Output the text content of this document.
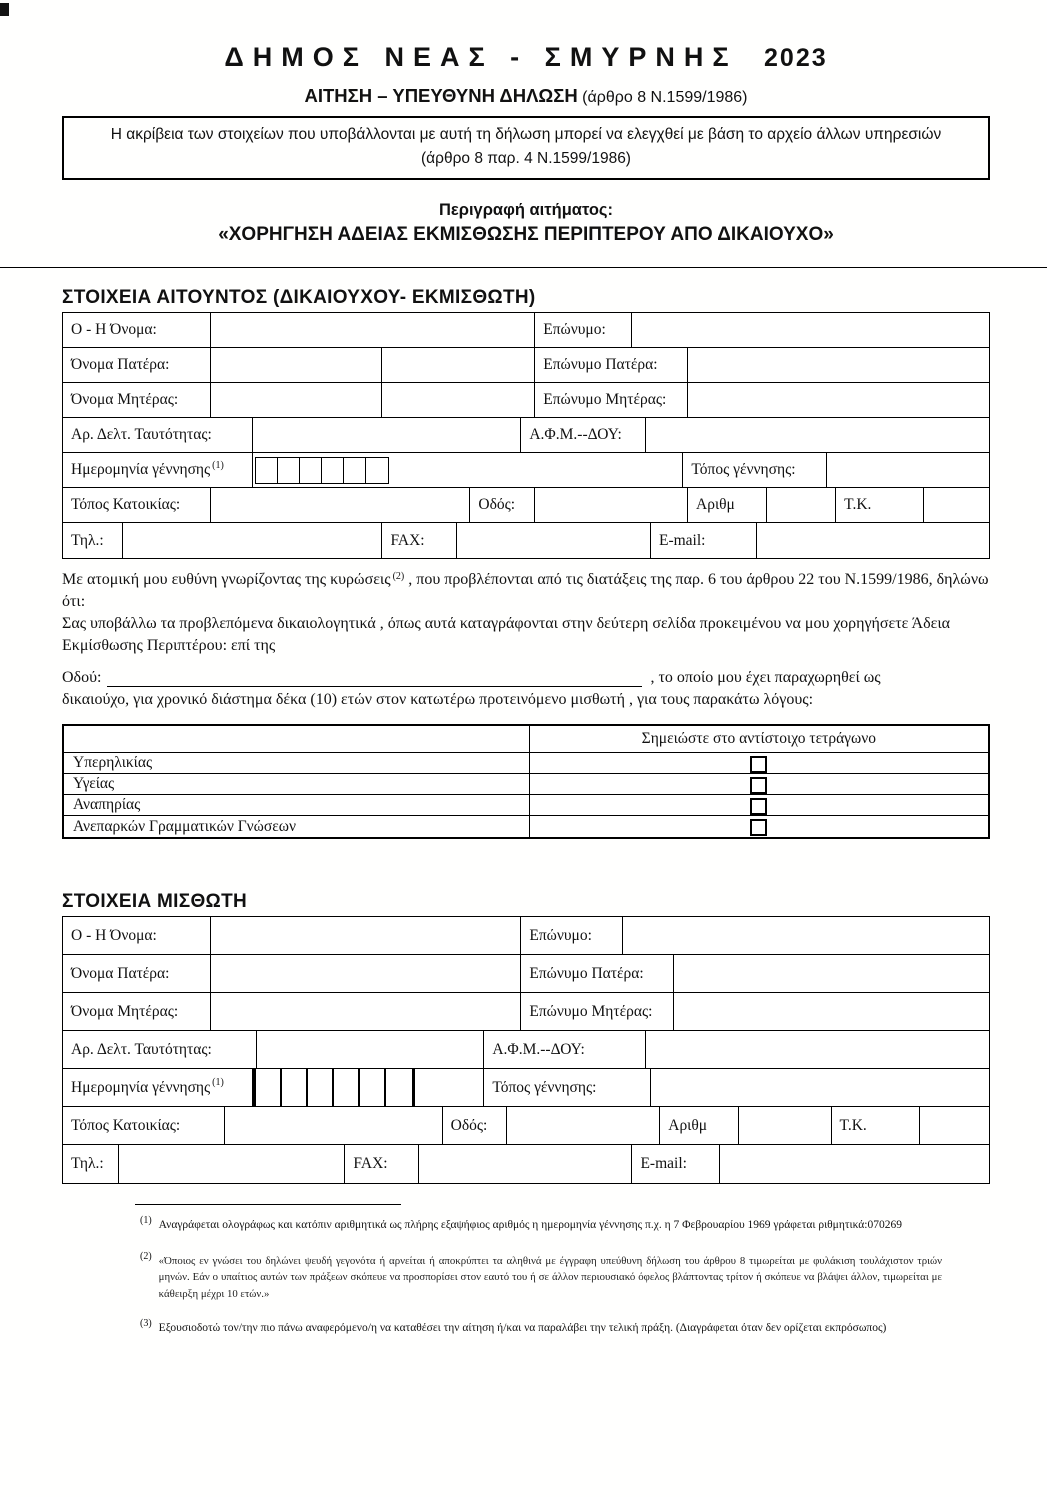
ΔΗΜΟΣ ΝΕΑΣ - ΣΜΥΡΝΗΣ 2023
ΑΙΤΗΣΗ – ΥΠΕΥΘΥΝΗ ΔΗΛΩΣΗ (άρθρο 8 Ν.1599/1986)
Η ακρίβεια των στοιχείων που υποβάλλονται με αυτή τη δήλωση μπορεί να ελεγχθεί με βάση το αρχείο άλλων υπηρεσιών
(άρθρο 8 παρ. 4 Ν.1599/1986)
Περιγραφή αιτήματος:
«ΧΟΡΗΓΗΣΗ ΑΔΕΙΑΣ ΕΚΜΙΣΘΩΣΗΣ ΠΕΡΙΠΤΕΡΟΥ ΑΠΟ ΔΙΚΑΙΟΥΧΟ»
ΣΤΟΙΧΕΙΑ ΑΙΤΟΥΝΤΟΣ (ΔΙΚΑΙΟΥΧΟΥ- ΕΚΜΙΣΘΩΤΗ)
Ο - Η Όνομα:	Επώνυμο:
Όνομα Πατέρα:	Επώνυμο Πατέρα:
Όνομα Μητέρας:	Επώνυμο Μητέρας:
Αρ. Δελτ. Ταυτότητας:	Α.Φ.Μ.--ΔΟΥ:
Ημερομηνία γέννησης (1)	Τόπος γέννησης:
Τόπος Κατοικίας:	Οδός:	Αριθμ	Τ.Κ.
Τηλ.:	FAX:	E-mail:
Με ατομική μου ευθύνη γνωρίζοντας της κυρώσεις $^{(2)}$ , που προβλέπονται από τις διατάξεις της παρ. 6 του άρθρου 22 του Ν.1599/1986, δηλώνω ότι:
Σας υποβάλλω τα προβλεπόμενα δικαιολογητικά , όπως αυτά καταγράφονται στην δεύτερη σελίδα προκειμένου να μου χορηγήσετε Άδεια Εκμίσθωσης Περιπτέρου: επί της
Οδού:	, το οποίο μου έχει παραχωρηθεί ως
δικαιούχο, για χρονικό διάστημα δέκα (10) ετών στον κατωτέρω προτεινόμενο μισθωτή , για τους παρακάτω λόγους:
Σημειώστε στο αντίστοιχο τετράγωνο
Υπερηλικίας
Υγείας
Αναπηρίας
Ανεπαρκών Γραμματικών Γνώσεων
ΣΤΟΙΧΕΙΑ ΜΙΣΘΩΤΗ
Ο - Η Όνομα:	Επώνυμο:
Όνομα Πατέρα:	Επώνυμο Πατέρα:
Όνομα Μητέρας:	Επώνυμο Μητέρας:
Αρ. Δελτ. Ταυτότητας:	Α.Φ.Μ.--ΔΟΥ:
Ημερομηνία γέννησης (1)	Τόπος γέννησης:
Τόπος Κατοικίας:	Οδός:	Αριθμ	Τ.Κ.
Τηλ.:	FAX:	E-mail:
(1) Αναγράφεται ολογράφως και κατόπιν αριθμητικά ως πλήρης εξαψήφιος αριθμός η ημερομηνία γέννησης π.χ. η 7 Φεβρουαρίου 1969 γράφεται ριθμητικά:070269
(2) «Όποιος εν γνώσει του δηλώνει ψευδή γεγονότα ή αρνείται ή αποκρύπτει τα αληθινά με έγγραφη υπεύθυνη δήλωση του άρθρου 8 τιμωρείται με φυλάκιση τουλάχιστον τριών μηνών. Εάν ο υπαίτιος αυτών των πράξεων σκόπευε να προσπορίσει στον εαυτό του ή σε άλλον περιουσιακό όφελος βλάπτοντας τρίτον ή σκόπευε να βλάψει άλλον, τιμωρείται με κάθειρξη μέχρι 10 ετών.»
(3) Εξουσιοδοτώ τον/την πιο πάνω αναφερόμενο/η να καταθέσει την αίτηση ή/και να παραλάβει την τελική πράξη. (Διαγράφεται όταν δεν ορίζεται εκπρόσωπος)
